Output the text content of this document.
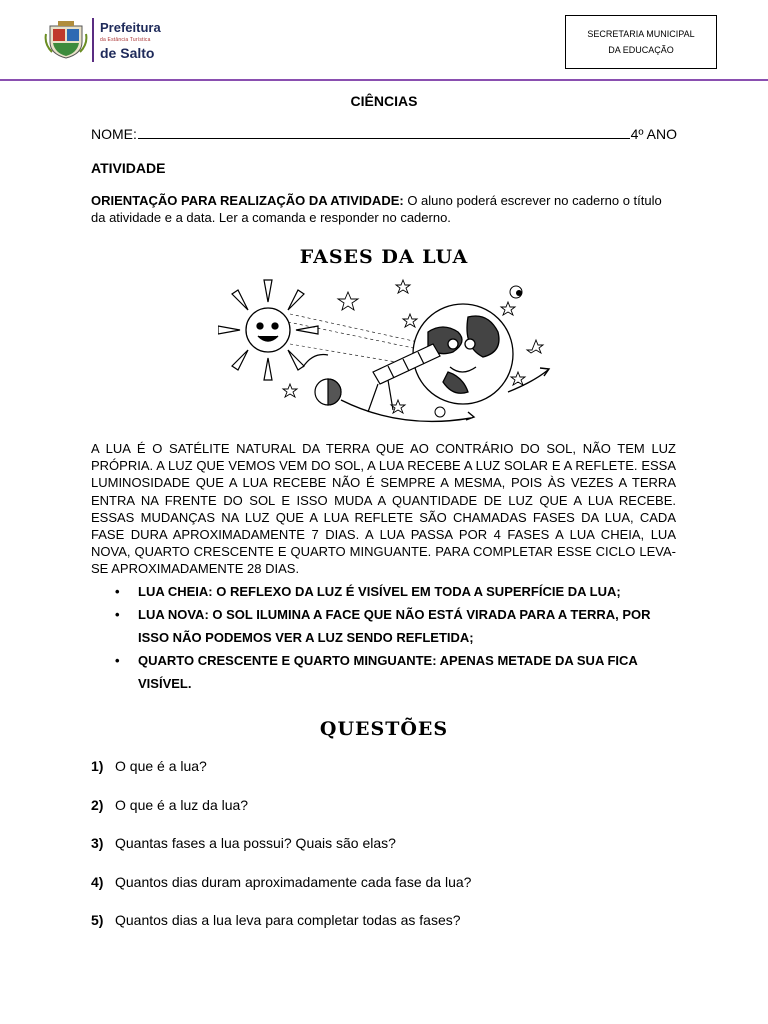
Prefeitura
da Estância Turística
de Salto
SECRETARIA MUNICIPAL
DA EDUCAÇÃO
CIÊNCIAS
NOME:	4º ANO
ATIVIDADE
ORIENTAÇÃO PARA REALIZAÇÃO DA ATIVIDADE: O aluno poderá escrever no caderno o título da atividade e a data. Ler a comanda e responder no caderno.
FASES DA LUA
A LUA É O SATÉLITE NATURAL DA TERRA QUE AO CONTRÁRIO DO SOL, NÃO TEM LUZ PRÓPRIA. A LUZ QUE VEMOS VEM DO SOL, A LUA RECEBE A LUZ SOLAR E A REFLETE. ESSA LUMINOSIDADE QUE A LUA RECEBE NÃO É SEMPRE A MESMA, POIS ÀS VEZES A TERRA ENTRA NA FRENTE DO SOL E ISSO MUDA A QUANTIDADE DE LUZ QUE A LUA RECEBE. ESSAS MUDANÇAS NA LUZ QUE A LUA REFLETE SÃO CHAMADAS FASES DA LUA, CADA FASE DURA APROXIMADAMENTE 7 DIAS. A LUA PASSA POR 4 FASES A LUA CHEIA, LUA NOVA, QUARTO CRESCENTE E QUARTO MINGUANTE. PARA COMPLETAR ESSE CICLO LEVA-SE APROXIMADAMENTE 28 DIAS.
• LUA CHEIA: O REFLEXO DA LUZ É VISÍVEL EM TODA A SUPERFÍCIE DA LUA;
• LUA NOVA: O SOL ILUMINA A FACE QUE NÃO ESTÁ VIRADA PARA A TERRA, POR ISSO NÃO PODEMOS VER A LUZ SENDO REFLETIDA;
• QUARTO CRESCENTE E QUARTO MINGUANTE: APENAS METADE DA SUA FICA VISÍVEL.
QUESTÕES
1) O que é a lua?
2) O que é a luz da lua?
3) Quantas fases a lua possui? Quais são elas?
4) Quantos dias duram aproximadamente cada fase da lua?
5) Quantos dias a lua leva para completar todas as fases?
